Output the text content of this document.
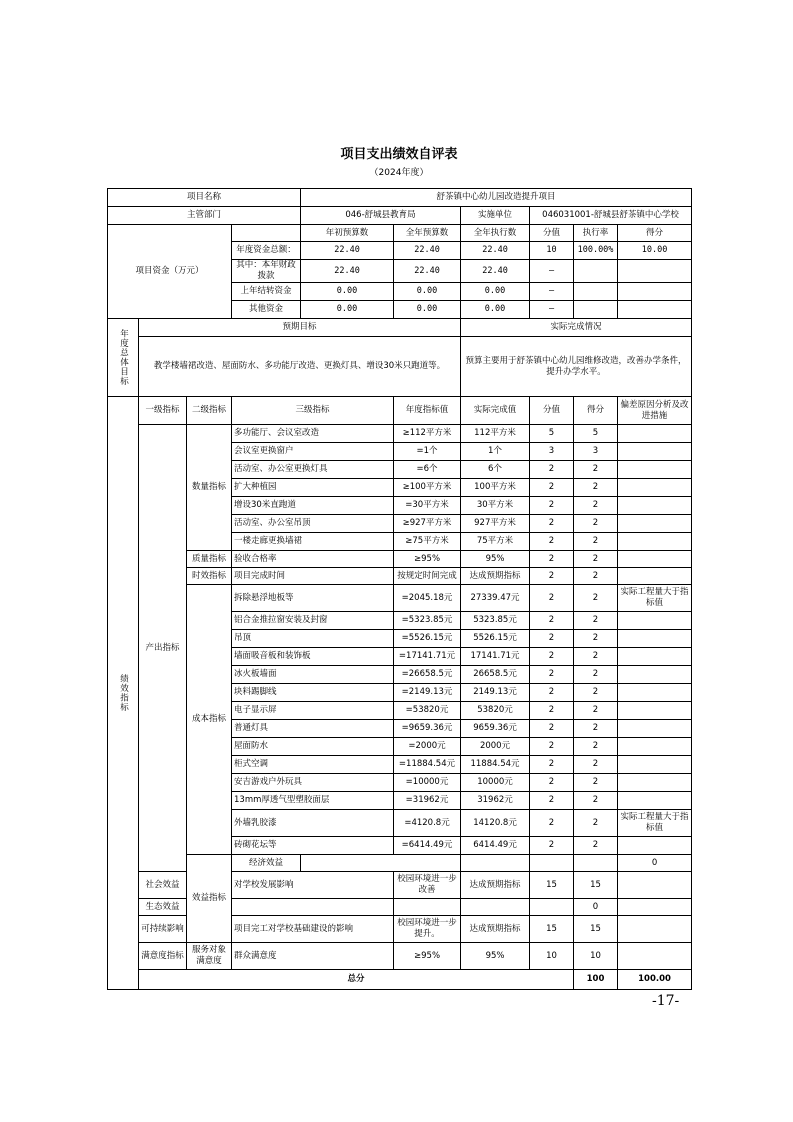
项目支出绩效自评表
（2024年度）
项目名称				舒茶镇中心幼儿园改造提升项目						
主管部门				046-舒城县教育局		实施单位	046031001-舒城县舒茶镇中心学校			
项目资金（万元）				年初预算数	全年预算数	全年执行数	分值	执行率	得分	
			年度资金总额：	22.40	22.40	22.40	10	100.00%	10.00	
			其中：本年财政拨款	22.40	22.40	22.40	—			
			上年结转资金	0.00	0.00	0.00	—			
			其他资金	0.00	0.00	0.00	—			
年度总体目标	预期目标					实际完成情况				
	教学楼墙裙改造、屋面防水、多功能厅改造、更换灯具、增设30米只跑道等。					预算主要用于舒茶镇中心幼儿园维修改造，改善办学条件，提升办学水平。				
绩效指标	一级指标	二级指标	三级指标		年度指标值	实际完成值	分值	得分	偏差原因分析及改进措施	
	产出指标	数量指标	多功能厅、会议室改造		≥112平方米	112平方米	5	5		
			会议室更换窗户		=1个	1个	3	3		
			活动室、办公室更换灯具		=6个	6个	2	2		
			扩大种植园		≥100平方米	100平方米	2	2		
			增设30米直跑道		=30平方米	30平方米	2	2		
			活动室、办公室吊顶		≥927平方米	927平方米	2	2		
			一楼走廊更换墙裙		≥75平方米	75平方米	2	2		
		质量指标	验收合格率		≥95%	95%	2	2		
		时效指标	项目完成时间		按规定时间完成	达成预期指标	2	2		
		成本指标	拆除悬浮地板等		=2045.18元	27339.47元	2	2	实际工程量大于指标值	
			铝合金推拉窗安装及封窗		=5323.85元	5323.85元	2	2		
			吊顶		=5526.15元	5526.15元	2	2		
			墙面吸音板和装饰板		=17141.71元	17141.71元	2	2		
			冰火板墙面		=26658.5元	26658.5元	2	2		
			块料踢脚线		=2149.13元	2149.13元	2	2		
			电子显示屏		=53820元	53820元	2	2		
			普通灯具		=9659.36元	9659.36元	2	2		
			屋面防水		=2000元	2000元	2	2		
			柜式空调		=11884.54元	11884.54元	2	2		
			安吉游戏户外玩具		=10000元	10000元	2	2		
			13mm厚透气型塑胶面层		=31962元	31962元	2	2		
			外墙乳胶漆		=4120.8元	14120.8元	2	2	实际工程量大于指标值	
			砖砌花坛等		=6414.49元	6414.49元	2	2		
		效益指标	经济效益						0	
	社会效益		对学校发展影响		校园环境进一步改善	达成预期指标	15	15		
	生态效益							0		
	可持续影响		项目完工对学校基础建设的影响		校园环境进一步提升。	达成预期指标	15	15		
	满意度指标	服务对象满意度	群众满意度		≥95%	95%	10	10		
	总分							100	100.00	
-17-
